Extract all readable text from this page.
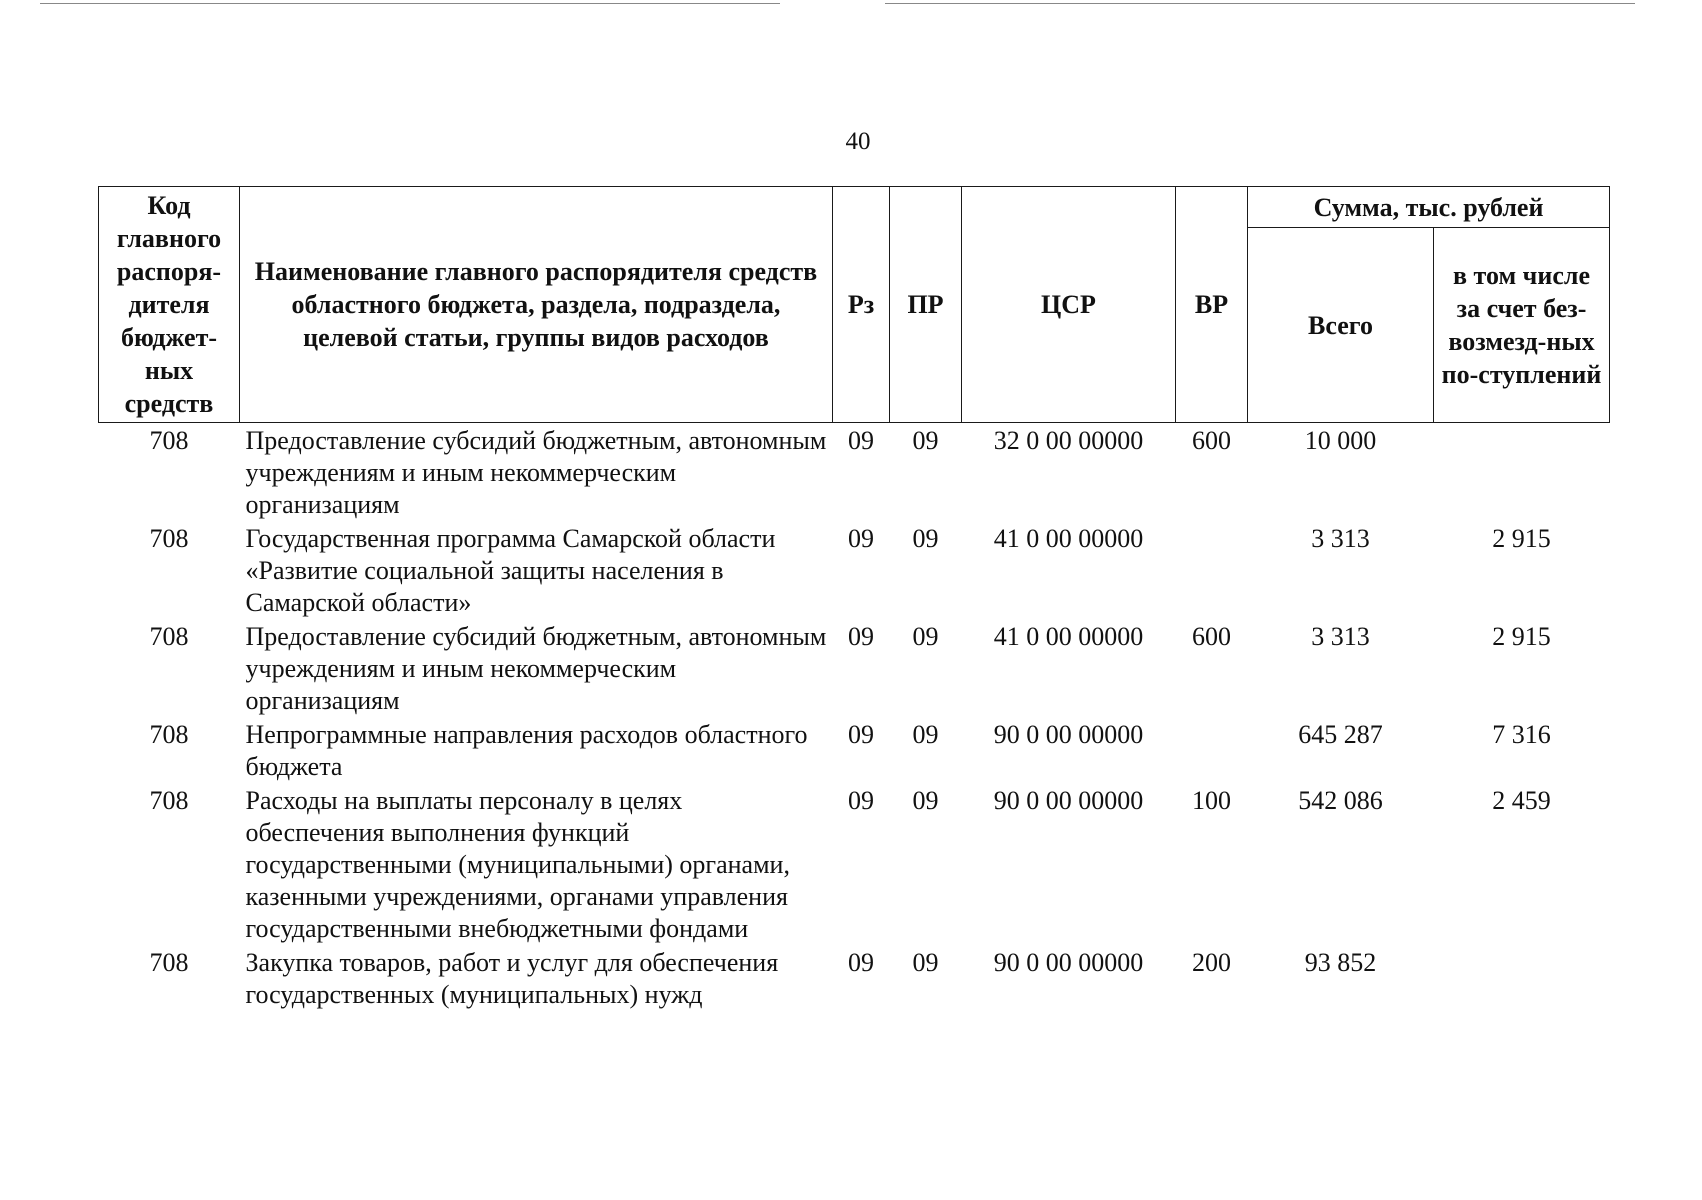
40
Код главного распоря-дителя бюджет-ных средств	Наименование главного распорядителя средств областного бюджета, раздела, подраздела, целевой статьи, группы видов расходов	Рз	ПР	ЦСР	ВР	Сумма, тыс. рублей	
						Всего	в том числе за счет без-возмезд-ных по-ступлений
708	Предоставление субсидий бюджетным, автономным учреждениям и иным некоммерческим организациям	09	09	32 0 00 00000	600	10 000	
708	Государственная программа Самарской области «Развитие социальной защиты населения в Самарской области»	09	09	41 0 00 00000		3 313	2 915
708	Предоставление субсидий бюджетным, автономным учреждениям и иным некоммерческим организациям	09	09	41 0 00 00000	600	3 313	2 915
708	Непрограммные направления расходов областного бюджета	09	09	90 0 00 00000		645 287	7 316
708	Расходы на выплаты персоналу в целях обеспечения выполнения функций государственными (муниципальными) органами, казенными учреждениями, органами управления государственными внебюджетными фондами	09	09	90 0 00 00000	100	542 086	2 459
708	Закупка товаров, работ и услуг для обеспечения государственных (муниципальных) нужд	09	09	90 0 00 00000	200	93 852	
